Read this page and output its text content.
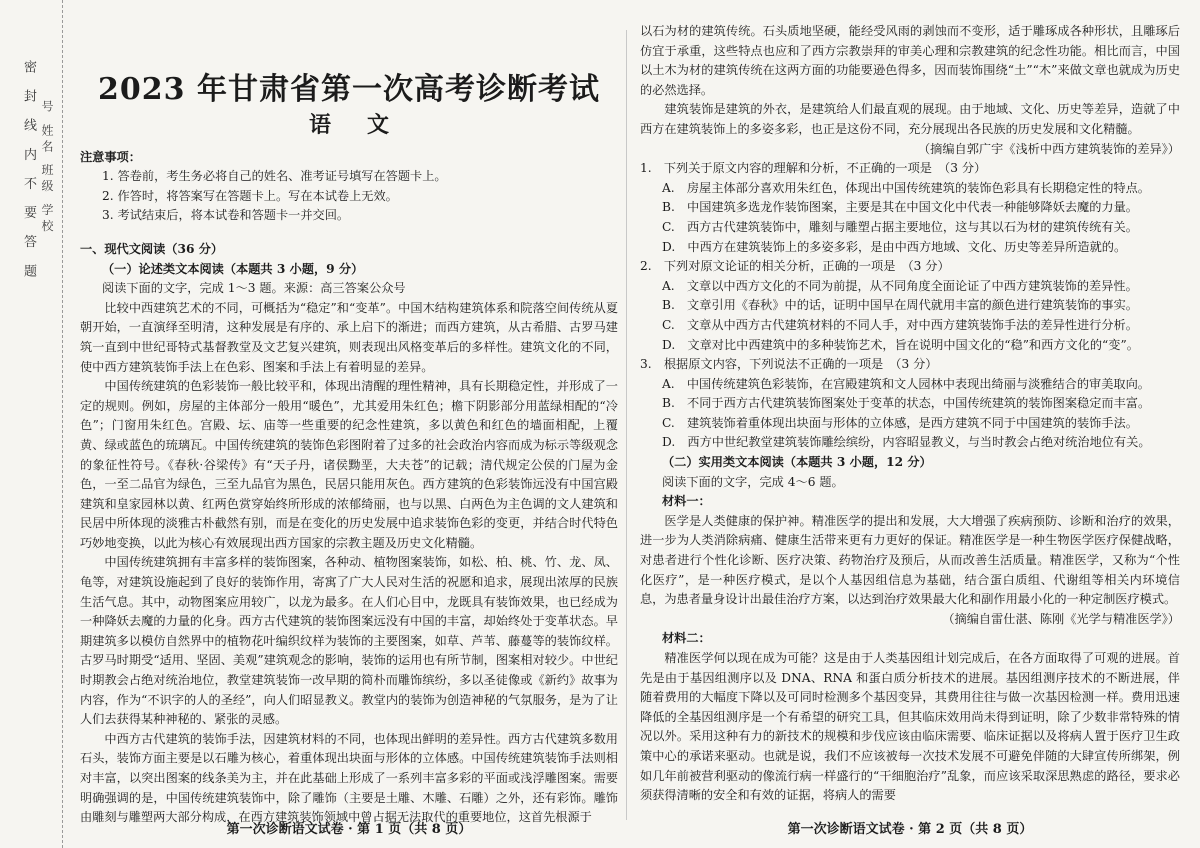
号 姓名 班级 学校
密 封 线 内 不 要 答 题	2023 年甘肃省第一次高考诊断考试
语文
注意事项：
1. 答卷前，考生务必将自己的姓名、准考证号填写在答题卡上。
2. 作答时，将答案写在答题卡上。写在本试卷上无效。
3. 考试结束后，将本试卷和答题卡一并交回。
一、现代文阅读（36 分）
（一）论述类文本阅读（本题共 3 小题，9 分）
阅读下面的文字，完成 1～3 题。来源：高三答案公众号

比较中西建筑艺术的不同，可概括为“稳定”和“变革”。中国木结构建筑体系和院落空间传统从夏朝开始，一直演绎至明清，这种发展是有序的、承上启下的渐进；而西方建筑，从古希腊、古罗马建筑一直到中世纪哥特式基督教堂及文艺复兴建筑，则表现出风格变革后的多样性。建筑文化的不同，使中西方建筑装饰手法上在色彩、图案和手法上有着明显的差异。

中国传统建筑的色彩装饰一般比较平和，体现出清醒的理性精神，具有长期稳定性，并形成了一定的规则。例如，房屋的主体部分一般用“暖色”，尤其爱用朱红色；檐下阴影部分用蓝绿相配的“冷色”；门窗用朱红色。宫殿、坛、庙等一些重要的纪念性建筑，多以黄色和红色的墙面相配，上覆黄、绿或蓝色的琉璃瓦。中国传统建筑的装饰色彩图附着了过多的社会政治内容而成为标示等级观念的象征性符号。《春秋·谷梁传》有“天子丹，诸侯黝垩，大夫苍”的记载；清代规定公侯的门屋为金色，一至二品官为绿色，三至九品官为黑色，民居只能用灰色。西方建筑的色彩装饰远没有中国宫殿建筑和皇家园林以黄、红两色赏穿始终所形成的浓郁绮丽，也与以黑、白两色为主色调的文人建筑和民居中所体现的淡雅古朴截然有别，而是在变化的历史发展中追求装饰色彩的变更，并结合时代特色巧妙地变换，以此为核心有效展现出西方国家的宗教主题及历史文化精髓。

中国传统建筑拥有丰富多样的装饰图案，各种动、植物图案装饰，如松、柏、桃、竹、龙、凤、龟等，对建筑设施起到了良好的装饰作用，寄寓了广大人民对生活的祝愿和追求，展现出浓厚的民族生活气息。其中，动物图案应用较广，以龙为最多。在人们心目中，龙既具有装饰效果，也已经成为一种降妖去魔的力量的化身。西方古代建筑的装饰图案远没有中国的丰富，却始终处于变革状态。早期建筑多以模仿自然界中的植物花叶编织纹样为装饰的主要图案，如草、芦苇、藤蔓等的装饰纹样。古罗马时期受“适用、坚固、美观”建筑观念的影响，装饰的运用也有所节制，图案相对较少。中世纪时期教会占绝对统治地位，教堂建筑装饰一改早期的简朴而雕饰缤纷，多以圣徒像或《新约》故事为内容，作为“不识字的人的圣经”，向人们昭显教义。教堂内的装饰为创造神秘的气氛服务，是为了让人们去获得某种神秘的、紧张的灵感。

中西方古代建筑的装饰手法，因建筑材料的不同，也体现出鲜明的差异性。西方古代建筑多数用石头，装饰方面主要是以石雕为核心，着重体现出块面与形体的立体感。中国传统建筑装饰手法则相对丰富，以突出图案的线条美为主，并在此基础上形成了一系列丰富多彩的平面或浅浮雕图案。需要明确强调的是，中国传统建筑装饰中，除了雕饰（主要是土雕、木雕、石雕）之外，还有彩饰。雕饰由雕刻与雕塑两大部分构成，在西方建筑装饰领域中曾占据无法取代的重要地位，这首先根源于

第一次诊断语文试卷 · 第 1 页（共 8 页）

以石为材的建筑传统。石头质地坚硬，能经受风雨的剥蚀而不变形，适于雕琢成各种形状，且雕琢后仿宜于承重，这些特点也应和了西方宗教崇拜的审美心理和宗教建筑的纪念性功能。相比而言，中国以土木为材的建筑传统在这两方面的功能要逊色得多，因而装饰围绕“土”“木”来做文章也就成为历史的必然选择。

建筑装饰是建筑的外衣，是建筑给人们最直观的展现。由于地域、文化、历史等差异，造就了中西方在建筑装饰上的多姿多彩，也正是这份不同，充分展现出各民族的历史发展和文化精髓。

（摘编自郭广宇《浅析中西方建筑装饰的差异》）

1.　下列关于原文内容的理解和分析，不正确的一项是　（3 分）

A.　房屋主体部分喜欢用朱红色，体现出中国传统建筑的装饰色彩具有长期稳定性的特点。

B.　中国建筑多选龙作装饰图案，主要是其在中国文化中代表一种能够降妖去魔的力量。

C.　西方古代建筑装饰中，雕刻与雕塑占据主要地位，这与其以石为材的建筑传统有关。

D.　中西方在建筑装饰上的多姿多彩，是由中西方地域、文化、历史等差异所造就的。

2.　下列对原文论证的相关分析，正确的一项是　（3 分）

A.　文章以中西方文化的不同为前提，从不同角度全面论证了中西方建筑装饰的差异性。

B.　文章引用《春秋》中的话，证明中国早在周代就用丰富的颜色进行建筑装饰的事实。

C.　文章从中西方古代建筑材料的不同人手，对中西方建筑装饰手法的差异性进行分析。

D.　文章对比中西建筑中的多种装饰艺术，旨在说明中国文化的“稳”和西方文化的“变”。

3.　根据原文内容，下列说法不正确的一项是　（3 分）

A.　中国传统建筑色彩装饰，在宫殿建筑和文人园林中表现出绮丽与淡雅结合的审美取向。

B.　不同于西方古代建筑装饰图案处于变革的状态，中国传统建筑的装饰图案稳定而丰富。

C.　建筑装饰着重体现出块面与形体的立体感，是西方建筑不同于中国建筑的装饰手法。

D.　西方中世纪教堂建筑装饰雕绘缤纷，内容昭显教义，与当时教会占绝对统治地位有关。

（二）实用类文本阅读（本题共 3 小题，12 分）
阅读下面的文字，完成 4～6 题。
材料一：

医学是人类健康的保护神。精准医学的提出和发展，大大增强了疾病预防、诊断和治疗的效果，进一步为人类消除病痛、健康生活带来更有力更好的保证。精准医学是一种生物医学医疗保健战略，对患者进行个性化诊断、医疗决策、药物治疗及预后，从而改善生活质量。精准医学，又称为“个性化医疗”，是一种医疗模式，是以个人基因组信息为基础，结合蛋白质组、代谢组等相关内环境信息，为患者量身设计出最佳治疗方案，以达到治疗效果最大化和副作用最小化的一种定制医疗模式。

（摘编自雷仕湛、陈刚《光学与精准医学》）

材料二：

精准医学何以现在成为可能？这是由于人类基因组计划完成后，在各方面取得了可观的进展。首先是由于基因组测序以及 DNA、RNA 和蛋白质分析技术的进展。基因组测序技术的不断进展，伴随着费用的大幅度下降以及可同时检测多个基因变异，其费用往往与做一次基因检测一样。费用迅速降低的全基因组测序是一个有希望的研究工具，但其临床效用尚未得到证明，除了少数非常特殊的情况以外。采用这种有力的新技术的规模和步伐应该由临床需要、临床证据以及将病人置于医疗卫生政策中心的承诺来驱动。也就是说，我们不应该被每一次技术发展不可避免伴随的大肆宣传所绑架，例如几年前被营利驱动的像流行病一样盛行的“干细胞治疗”乱象，而应该采取深思熟虑的路径，要求必须获得清晰的安全和有效的证据，将病人的需要

第一次诊断语文试卷 · 第 2 页（共 8 页）
